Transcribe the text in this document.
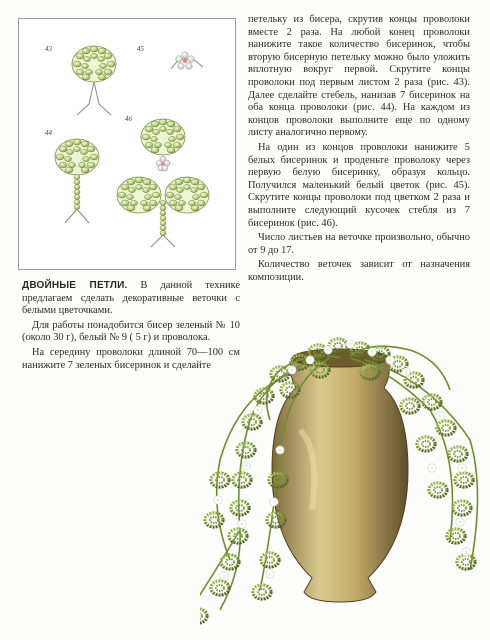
43	45
44
46

петельку из бисера, скрутив концы проволоки вместе 2 раза. На любой конец проволоки нанижите такое количество бисеринок, чтобы вторую бисерную петельку можно было уложить вплотную вокруг первой. Скрутите концы проволоки под первым листом 2 раза (рис. 43). Далее сделайте стебель, нанизав 7 бисеринок на оба конца проволоки (рис. 44). На каждом из концов проволоки выполните еще по одному листу аналогично первому.

На один из концов проволоки нанижите 5 белых бисеринок и проденьте проволоку через первую белую бисеринку, образуя кольцо. Получился маленький белый цветок (рис. 45). Скрутите концы проволоки под цветком 2 раза и выполните следующий кусочек стебля из 7 бисеринок (рис. 46).

Число листьев на веточке произвольно, обычно от 9 до 17.

Количество веточек зависит от назначения композиции.

ДВОЙНЫЕ ПЕТЛИ. В данной технике предлагаем сделать декоративные веточки с белыми цветочками.

Для работы понадобится бисер зеленый № 10 (около 30 г), белый № 9 ( 5 г) и проволока.

На середину проволоки длиной 70—100 см нанижите 7 зеленых бисеринок и сделайте
